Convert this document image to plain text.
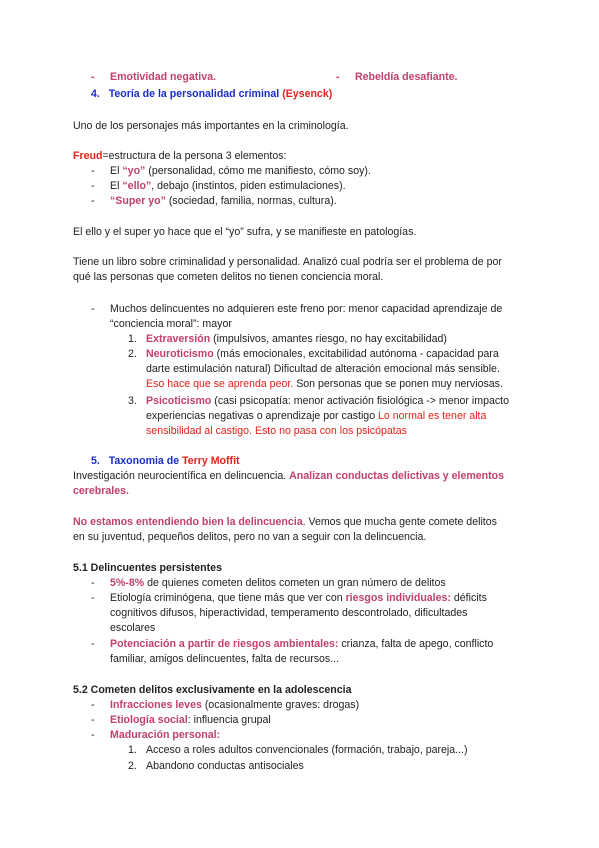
- Emotividad negativa.	- Rebeldía desafiante.
4. Teoría de la personalidad criminal (Eysenck)
Uno de los personajes más importantes en la criminología.
Freud=estructura de la persona 3 elementos:
- El “yo” (personalidad, cómo me manifiesto, cómo soy).
- El “ello”, debajo (instintos, piden estimulaciones).
- “Super yo” (sociedad, familia, normas, cultura).
El ello y el super yo hace que el “yo” sufra, y se manifieste en patologías.
Tiene un libro sobre criminalidad y personalidad. Analizó cual podría ser el problema de por
qué las personas que cometen delitos no tienen conciencia moral.
- Muchos delincuentes no adquieren este freno por: menor capacidad aprendizaje de
“conciencia moral”: mayor
1. Extraversión (impulsivos, amantes riesgo, no hay excitabilidad)
2. Neuroticismo (más emocionales, excitabilidad autónoma - capacidad para
darte estimulación natural) Dificultad de alteración emocional más sensible.
Eso hace que se aprenda peor. Son personas que se ponen muy nerviosas.
3. Psicoticismo (casi psicopatía: menor activación fisiológica -> menor impacto
experiencias negativas o aprendizaje por castigo Lo normal es tener alta
sensibilidad al castigo. Esto no pasa con los psicópatas
5. Taxonomia de Terry Moffit
Investigación neurocientífica en delincuencia. Analizan conductas delictivas y elementos
cerebrales.
No estamos entendiendo bien la delincuencia. Vemos que mucha gente comete delitos
en su juventud, pequeños delitos, pero no van a seguir con la delincuencia.
5.1 Delincuentes persistentes
- 5%-8% de quienes cometen delitos cometen un gran número de delitos
- Etiología criminógena, que tiene más que ver con riesgos individuales: déficits
cognitivos difusos, hiperactividad, temperamento descontrolado, dificultades
escolares
- Potenciación a partir de riesgos ambientales: crianza, falta de apego, conflicto
familiar, amigos delincuentes, falta de recursos...
5.2 Cometen delitos exclusivamente en la adolescencia
- Infracciones leves (ocasionalmente graves: drogas)
- Etiología social: influencia grupal
- Maduración personal:
1. Acceso a roles adultos convencionales (formación, trabajo, pareja...)
2. Abandono conductas antisociales
